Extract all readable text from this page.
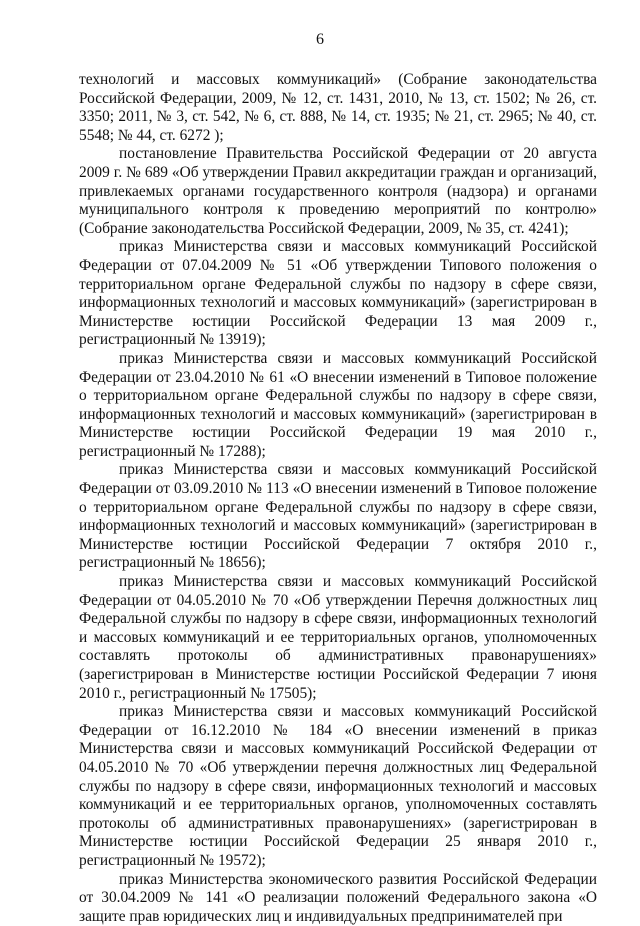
6

технологий и массовых коммуникаций» (Собрание законодательства Российской Федерации, 2009, № 12, ст. 1431, 2010, № 13, ст. 1502; № 26, ст. 3350; 2011, № 3, ст. 542, № 6, ст. 888, № 14, ст. 1935; № 21, ст. 2965; № 40, ст. 5548; № 44, ст. 6272 );

постановление Правительства Российской Федерации от 20 августа 2009 г. № 689 «Об утверждении Правил аккредитации граждан и организаций, привлекаемых органами государственного контроля (надзора) и органами муниципального контроля к проведению мероприятий по контролю» (Собрание законодательства Российской Федерации, 2009, № 35, ст. 4241);

приказ Министерства связи и массовых коммуникаций Российской Федерации от 07.04.2009 № 51 «Об утверждении Типового положения о территориальном органе Федеральной службы по надзору в сфере связи, информационных технологий и массовых коммуникаций» (зарегистрирован в Министерстве юстиции Российской Федерации 13 мая 2009 г., регистрационный № 13919);

приказ Министерства связи и массовых коммуникаций Российской Федерации от 23.04.2010 № 61 «О внесении изменений в Типовое положение о территориальном органе Федеральной службы по надзору в сфере связи, информационных технологий и массовых коммуникаций» (зарегистрирован в Министерстве юстиции Российской Федерации 19 мая 2010 г., регистрационный № 17288);

приказ Министерства связи и массовых коммуникаций Российской Федерации от 03.09.2010 № 113 «О внесении изменений в Типовое положение о территориальном органе Федеральной службы по надзору в сфере связи, информационных технологий и массовых коммуникаций» (зарегистрирован в Министерстве юстиции Российской Федерации 7 октября 2010 г., регистрационный № 18656);

приказ Министерства связи и массовых коммуникаций Российской Федерации от 04.05.2010 № 70 «Об утверждении Перечня должностных лиц Федеральной службы по надзору в сфере связи, информационных технологий и массовых коммуникаций и ее территориальных органов, уполномоченных составлять протоколы об административных правонарушениях» (зарегистрирован в Министерстве юстиции Российской Федерации 7 июня 2010 г., регистрационный № 17505);

приказ Министерства связи и массовых коммуникаций Российской Федерации от 16.12.2010 № 184 «О внесении изменений в приказ Министерства связи и массовых коммуникаций Российской Федерации от 04.05.2010 № 70 «Об утверждении перечня должностных лиц Федеральной службы по надзору в сфере связи, информационных технологий и массовых коммуникаций и ее территориальных органов, уполномоченных составлять протоколы об административных правонарушениях» (зарегистрирован в Министерстве юстиции Российской Федерации 25 января 2010 г., регистрационный № 19572);

приказ Министерства экономического развития Российской Федерации от 30.04.2009 № 141 «О реализации положений Федерального закона «О защите прав юридических лиц и индивидуальных предпринимателей при
